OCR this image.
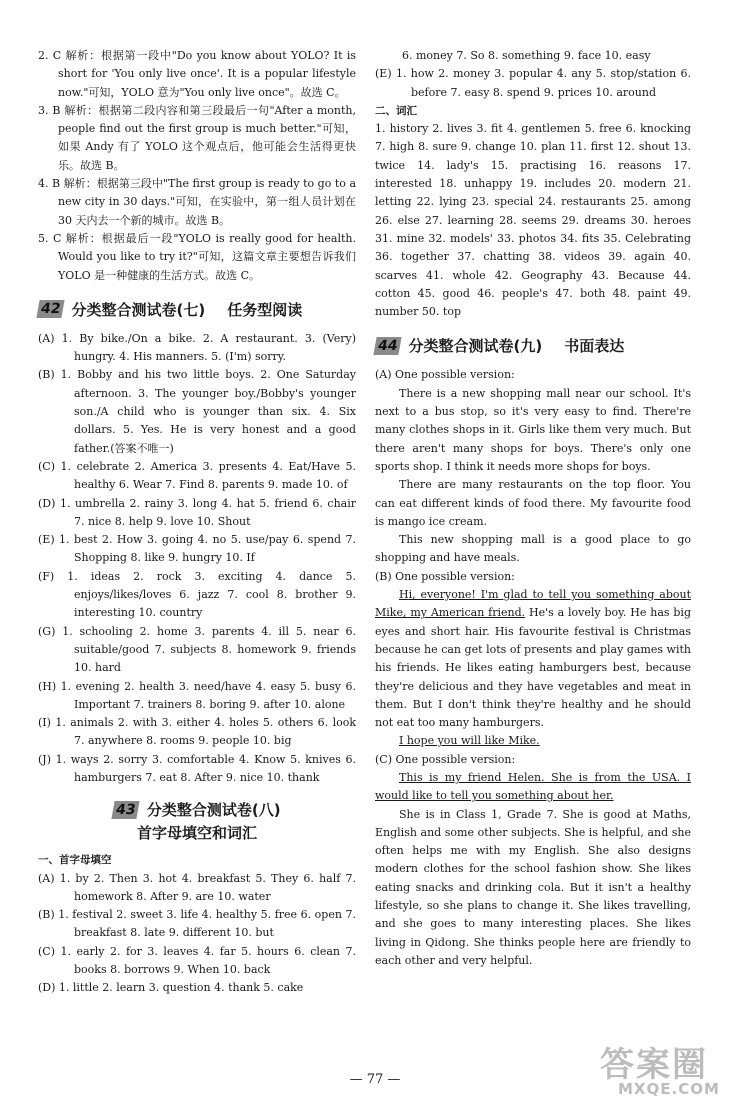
2. C 解析：根据第一段中"Do you know about YOLO? It is short for 'You only live once'. It is a popular lifestyle now."可知，YOLO 意为"You only live once"。故选 C。

3. B 解析：根据第二段内容和第三段最后一句"After a month, people find out the first group is much better."可知，如果 Andy 有了 YOLO 这个观点后，他可能会生活得更快乐。故选 B。

4. B 解析：根据第三段中"The first group is ready to go to a new city in 30 days."可知，在实验中，第一组人员计划在 30 天内去一个新的城市。故选 B。

5. C 解析：根据最后一段"YOLO is really good for health. Would you like to try it?"可知，这篇文章主要想告诉我们 YOLO 是一种健康的生活方式。故选 C。

42 分类整合测试卷(七) 任务型阅读

(A) 1. By bike./On a bike. 2. A restaurant. 3. (Very) hungry. 4. His manners. 5. (I'm) sorry.

(B) 1. Bobby and his two little boys. 2. One Saturday afternoon. 3. The younger boy./Bobby's younger son./A child who is younger than six. 4. Six dollars. 5. Yes. He is very honest and a good father.(答案不唯一)

(C) 1. celebrate 2. America 3. presents 4. Eat/Have 5. healthy 6. Wear 7. Find 8. parents 9. made 10. of

(D) 1. umbrella 2. rainy 3. long 4. hat 5. friend 6. chair 7. nice 8. help 9. love 10. Shout

(E) 1. best 2. How 3. going 4. no 5. use/pay 6. spend 7. Shopping 8. like 9. hungry 10. If

(F) 1. ideas 2. rock 3. exciting 4. dance 5. enjoys/likes/loves 6. jazz 7. cool 8. brother 9. interesting 10. country

(G) 1. schooling 2. home 3. parents 4. ill 5. near 6. suitable/good 7. subjects 8. homework 9. friends 10. hard

(H) 1. evening 2. health 3. need/have 4. easy 5. busy 6. Important 7. trainers 8. boring 9. after 10. alone

(I) 1. animals 2. with 3. either 4. holes 5. others 6. look 7. anywhere 8. rooms 9. people 10. big

(J) 1. ways 2. sorry 3. comfortable 4. Know 5. knives 6. hamburgers 7. eat 8. After 9. nice 10. thank

43 分类整合测试卷(八)
首字母填空和词汇

一、首字母填空

(A) 1. by 2. Then 3. hot 4. breakfast 5. They 6. half 7. homework 8. After 9. are 10. water

(B) 1. festival 2. sweet 3. life 4. healthy 5. free 6. open 7. breakfast 8. late 9. different 10. but

(C) 1. early 2. for 3. leaves 4. far 5. hours 6. clean 7. books 8. borrows 9. When 10. back

(D) 1. little 2. learn 3. question 4. thank 5. cake

6. money 7. So 8. something 9. face 10. easy

(E) 1. how 2. money 3. popular 4. any 5. stop/station 6. before 7. easy 8. spend 9. prices 10. around

二、词汇

1. history 2. lives 3. fit 4. gentlemen 5. free 6. knocking 7. high 8. sure 9. change 10. plan 11. first 12. shout 13. twice 14. lady's 15. practising 16. reasons 17. interested 18. unhappy 19. includes 20. modern 21. letting 22. lying 23. special 24. restaurants 25. among 26. else 27. learning 28. seems 29. dreams 30. heroes 31. mine 32. models' 33. photos 34. fits 35. Celebrating 36. together 37. chatting 38. videos 39. again 40. scarves 41. whole 42. Geography 43. Because 44. cotton 45. good 46. people's 47. both 48. paint 49. number 50. top

44 分类整合测试卷(九) 书面表达

(A) One possible version:

There is a new shopping mall near our school. It's next to a bus stop, so it's very easy to find. There're many clothes shops in it. Girls like them very much. But there aren't many shops for boys. There's only one sports shop. I think it needs more shops for boys.

There are many restaurants on the top floor. You can eat different kinds of food there. My favourite food is mango ice cream.

This new shopping mall is a good place to go shopping and have meals.

(B) One possible version:

Hi, everyone! I'm glad to tell you something about Mike, my American friend. He's a lovely boy. He has big eyes and short hair. His favourite festival is Christmas because he can get lots of presents and play games with his friends. He likes eating hamburgers best, because they're delicious and they have vegetables and meat in them. But I don't think they're healthy and he should not eat too many hamburgers.

I hope you will like Mike.

(C) One possible version:

This is my friend Helen. She is from the USA. I would like to tell you something about her.

She is in Class 1, Grade 7. She is good at Maths, English and some other subjects. She is helpful, and she often helps me with my English. She also designs modern clothes for the school fashion show. She likes eating snacks and drinking cola. But it isn't a healthy lifestyle, so she plans to change it. She likes travelling, and she goes to many interesting places. She likes living in Qidong. She thinks people here are friendly to each other and very helpful.

— 77 —	答案圈
MXQE.COM
